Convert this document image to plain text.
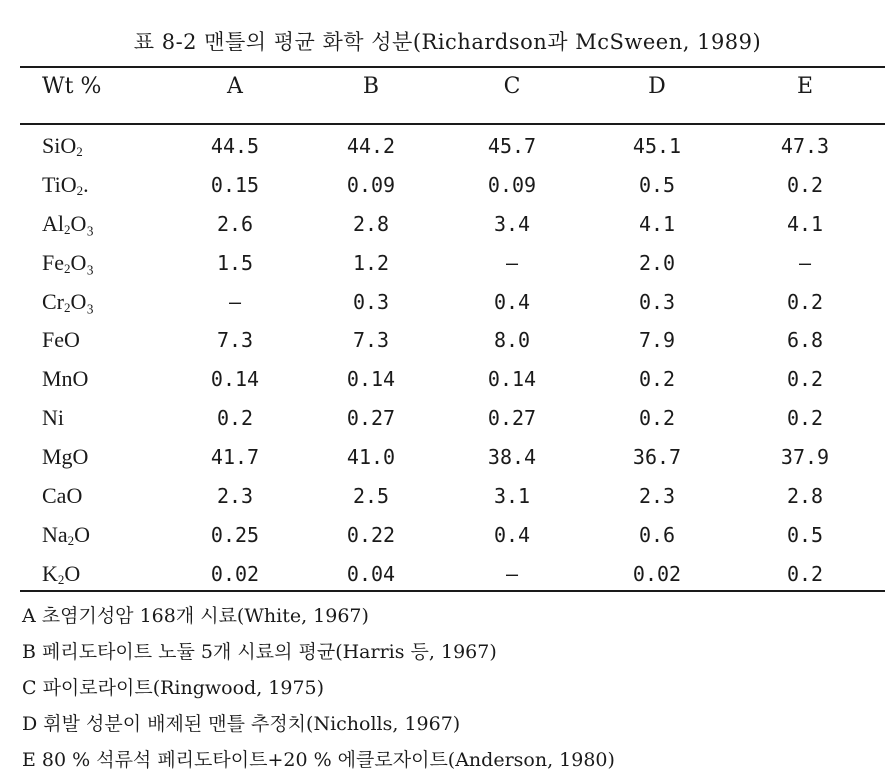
표 8-2 맨틀의 평균 화학 성분(Richardson과 McSween, 1989)
Wt %	A	B	C	D	E
SiO$_2$	44.5	44.2	45.7	45.1	47.3
TiO$_2$.	0.15	0.09	0.09	0.5	0.2
$Al_2O_3$	2.6	2.8	3.4	4.1	4.1
$Fe_2O_3$	1.5	1.2	—	2.0	—
$Cr_2O_3$	—	0.3	0.4	0.3	0.2
FeO	7.3	7.3	8.0	7.9	6.8
MnO	0.14	0.14	0.14	0.2	0.2
Ni	0.2	0.27	0.27	0.2	0.2
MgO	41.7	41.0	38.4	36.7	37.9
CaO	2.3	2.5	3.1	2.3	2.8
$Na_2O$	0.25	0.22	0.4	0.6	0.5
$K_2O$	0.02	0.04	—	0.02	0.2
A 초염기성암 168개 시료(White, 1967)
B 페리도타이트 노듈 5개 시료의 평균(Harris 등, 1967)
C 파이로라이트(Ringwood, 1975)
D 휘발 성분이 배제된 맨틀 추정치(Nicholls, 1967)
E 80 % 석류석 페리도타이트+20 % 에클로자이트(Anderson, 1980)
